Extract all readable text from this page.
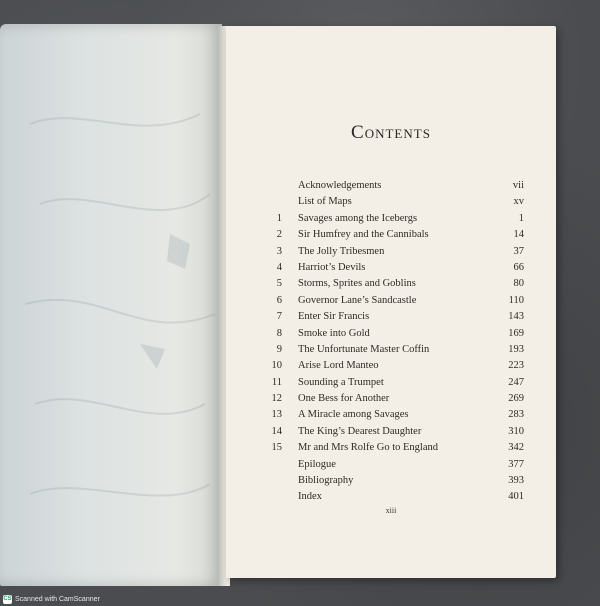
Contents
Acknowledgements	vii
List of Maps	xv
1 Savages among the Icebergs	1
2 Sir Humfrey and the Cannibals	14
3 The Jolly Tribesmen	37
4 Harriot’s Devils	66
5 Storms, Sprites and Goblins	80
6 Governor Lane’s Sandcastle	110
7 Enter Sir Francis	143
8 Smoke into Gold	169
9 The Unfortunate Master Coffin	193
10 Arise Lord Manteo	223
11 Sounding a Trumpet	247
12 One Bess for Another	269
13 A Miracle among Savages	283
14 The King’s Dearest Daughter	310
15 Mr and Mrs Rolfe Go to England	342
Epilogue	377
Bibliography	393
Index	401
xiii
CS Scanned with CamScanner
